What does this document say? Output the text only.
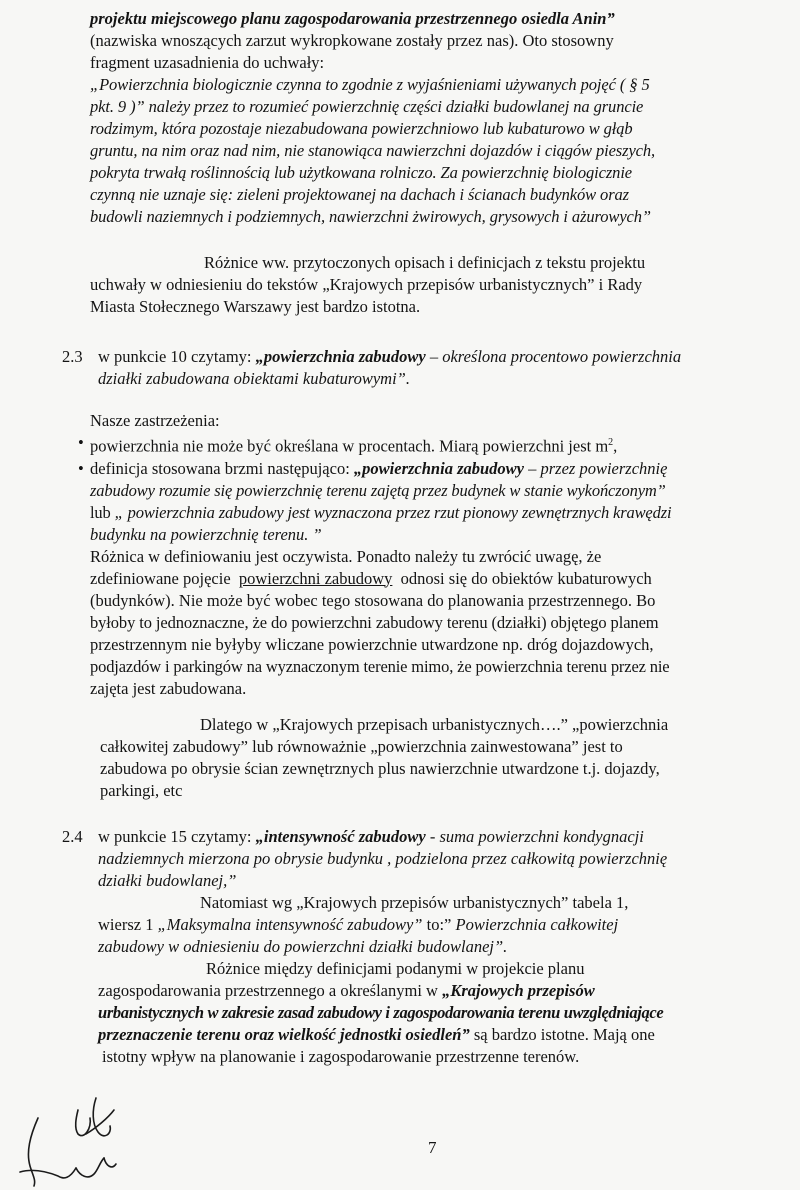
projektu miejscowego planu zagospodarowania przestrzennego osiedla Anin”
(nazwiska wnoszących zarzut wykropkowane zostały przez nas). Oto stosowny
fragment uzasadnienia do uchwały:
„Powierzchnia biologicznie czynna to zgodnie z wyjaśnieniami używanych pojęć ( § 5
pkt. 9 )” należy przez to rozumieć powierzchnię części działki budowlanej na gruncie
rodzimym, która pozostaje niezabudowana powierzchniowo lub kubaturowo w głąb
gruntu, na nim oraz nad nim, nie stanowiąca nawierzchni dojazdów i ciągów pieszych,
pokryta trwałą roślinnością lub użytkowana rolniczo. Za powierzchnię biologicznie
czynną nie uznaje się: zieleni projektowanej na dachach i ścianach budynków oraz
budowli naziemnych i podziemnych, nawierzchni żwirowych, grysowych i ażurowych”
Różnice ww. przytoczonych opisach i definicjach z tekstu projektu
uchwały w odniesieniu do tekstów „Krajowych przepisów urbanistycznych” i Rady
Miasta Stołecznego Warszawy jest bardzo istotna.
2.3 w punkcie 10 czytamy: „powierzchnia zabudowy – określona procentowo powierzchnia
działki zabudowana obiektami kubaturowymi”.
Nasze zastrzeżenia:
• powierzchnia nie może być określana w procentach. Miarą powierzchni jest $m^2$,
• definicja stosowana brzmi następująco: „powierzchnia zabudowy – przez powierzchnię
zabudowy rozumie się powierzchnię terenu zajętą przez budynek w stanie wykończonym”
lub „ powierzchnia zabudowy jest wyznaczona przez rzut pionowy zewnętrznych krawędzi
budynku na powierzchnię terenu. ”
Różnica w definiowaniu jest oczywista. Ponadto należy tu zwrócić uwagę, że
zdefiniowane pojęcie powierzchni zabudowy odnosi się do obiektów kubaturowych
(budynków). Nie może być wobec tego stosowana do planowania przestrzennego. Bo
byłoby to jednoznaczne, że do powierzchni zabudowy terenu (działki) objętego planem
przestrzennym nie byłyby wliczane powierzchnie utwardzone np. dróg dojazdowych,
podjazdów i parkingów na wyznaczonym terenie mimo, że powierzchnia terenu przez nie
zajęta jest zabudowana.
Dlatego w „Krajowych przepisach urbanistycznych….” „powierzchnia
całkowitej zabudowy” lub równoważnie „powierzchnia zainwestowana” jest to
zabudowa po obrysie ścian zewnętrznych plus nawierzchnie utwardzone t.j. dojazdy,
parkingi, etc
2.4 w punkcie 15 czytamy: „intensywność zabudowy - suma powierzchni kondygnacji
nadziemnych mierzona po obrysie budynku , podzielona przez całkowitą powierzchnię
działki budowlanej,”
Natomiast wg „Krajowych przepisów urbanistycznych” tabela 1,
wiersz 1 „Maksymalna intensywność zabudowy” to:” Powierzchnia całkowitej
zabudowy w odniesieniu do powierzchni działki budowlanej”.
Różnice między definicjami podanymi w projekcie planu
zagospodarowania przestrzennego a określanymi w „Krajowych przepisów
urbanistycznych w zakresie zasad zabudowy i zagospodarowania terenu uwzględniające
przeznaczenie terenu oraz wielkość jednostki osiedleń” są bardzo istotne. Mają one
istotny wpływ na planowanie i zagospodarowanie przestrzenne terenów.
7
